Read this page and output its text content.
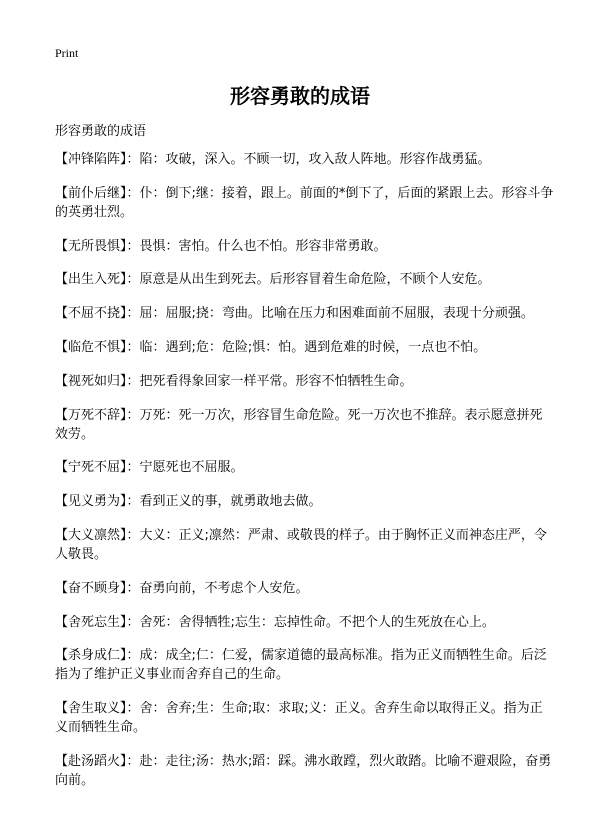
Print
形容勇敢的成语
形容勇敢的成语
【冲锋陷阵】：陷：攻破，深入。不顾一切，攻入敌人阵地。形容作战勇猛。
【前仆后继】：仆：倒下;继：接着，跟上。前面的*倒下了，后面的紧跟上去。形容斗争的英勇壮烈。
【无所畏惧】：畏惧：害怕。什么也不怕。形容非常勇敢。
【出生入死】：原意是从出生到死去。后形容冒着生命危险，不顾个人安危。
【不屈不挠】：屈：屈服;挠：弯曲。比喻在压力和困难面前不屈服，表现十分顽强。
【临危不惧】：临：遇到;危：危险;惧：怕。遇到危难的时候，一点也不怕。
【视死如归】：把死看得象回家一样平常。形容不怕牺牲生命。
【万死不辞】：万死：死一万次，形容冒生命危险。死一万次也不推辞。表示愿意拼死效劳。
【宁死不屈】：宁愿死也不屈服。
【见义勇为】：看到正义的事，就勇敢地去做。
【大义凛然】：大义：正义;凛然：严肃、或敬畏的样子。由于胸怀正义而神态庄严，令人敬畏。
【奋不顾身】：奋勇向前，不考虑个人安危。
【舍死忘生】：舍死：舍得牺牲;忘生：忘掉性命。不把个人的生死放在心上。
【杀身成仁】：成：成全;仁：仁爱，儒家道德的最高标准。指为正义而牺牲生命。后泛指为了维护正义事业而舍弃自己的生命。
【舍生取义】：舍：舍弃;生：生命;取：求取;义：正义。舍弃生命以取得正义。指为正义而牺牲生命。
【赴汤蹈火】：赴：走往;汤：热水;蹈：踩。沸水敢蹚，烈火敢踏。比喻不避艰险，奋勇向前。
